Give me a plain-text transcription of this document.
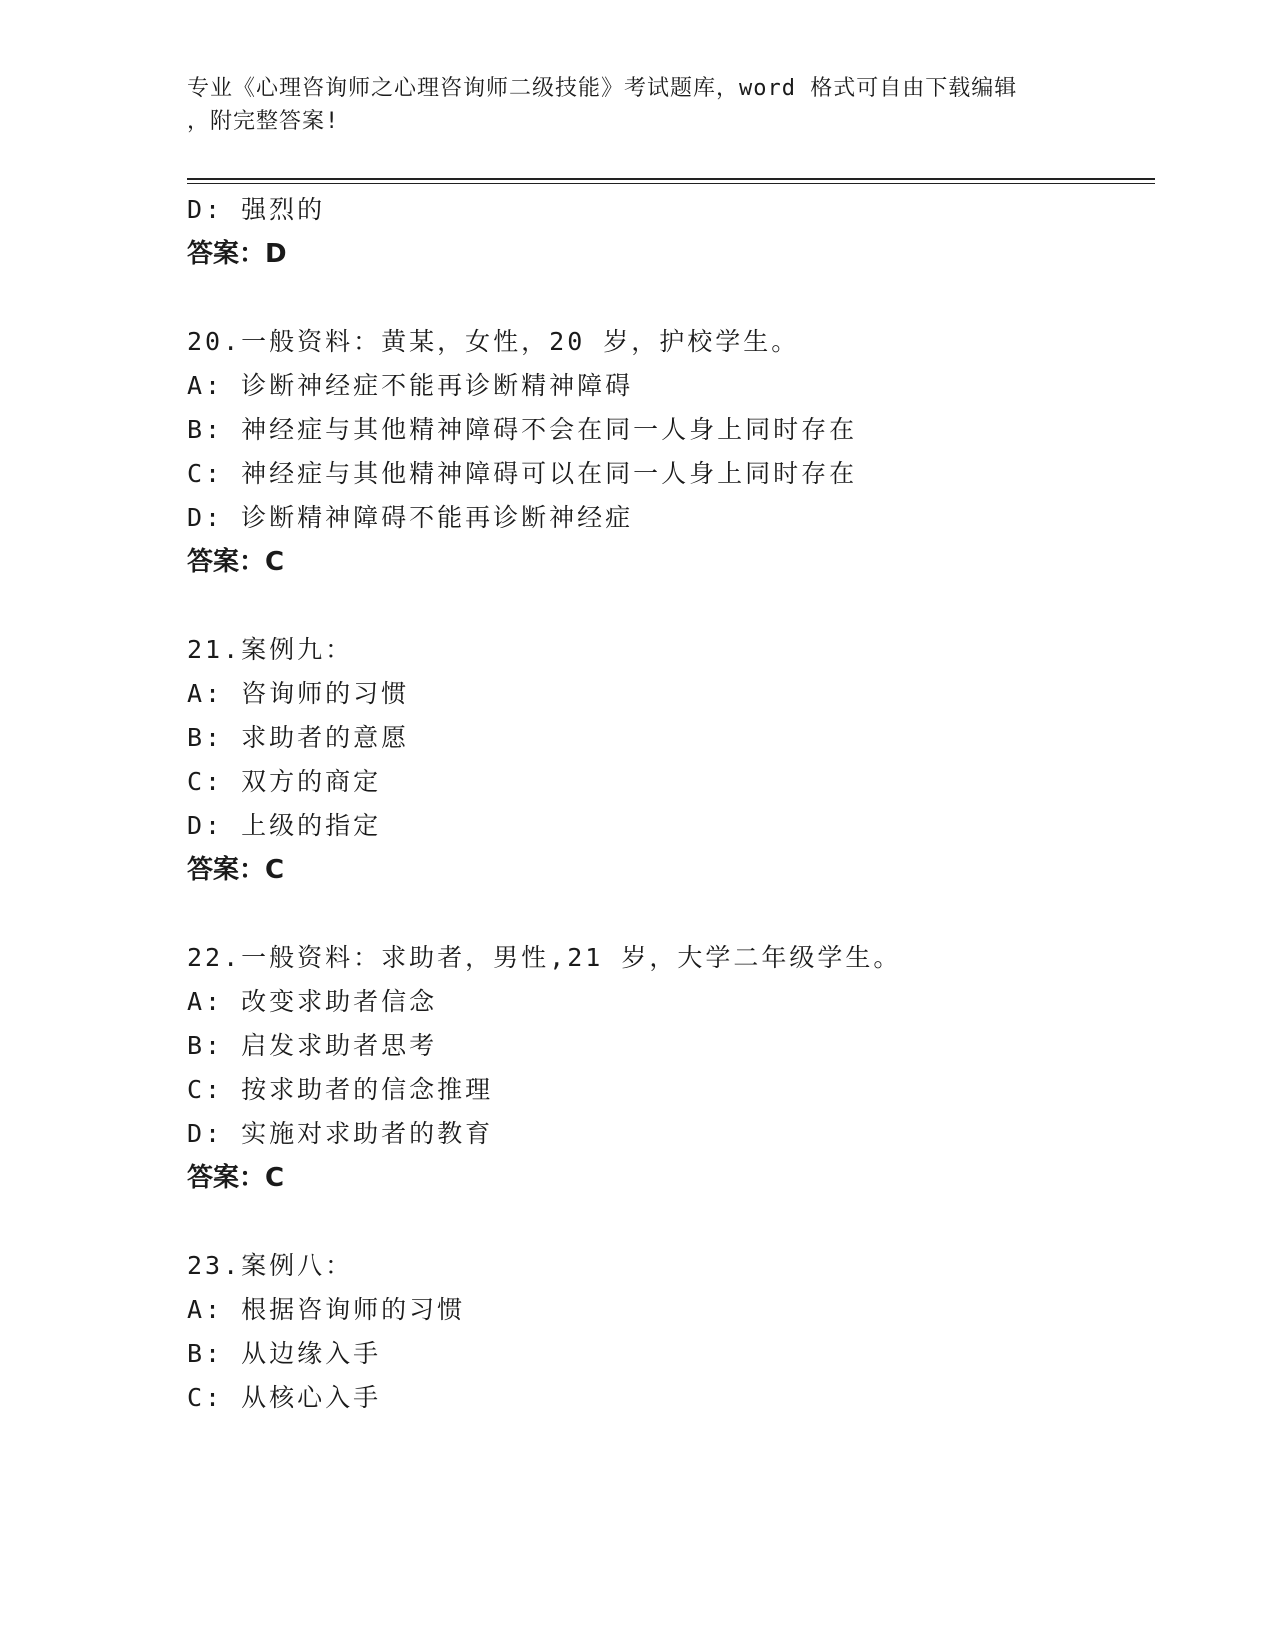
专业《心理咨询师之心理咨询师二级技能》考试题库，word 格式可自由下载编辑
，附完整答案!
D: 强烈的
答案：D
20.一般资料：黄某，女性，20 岁，护校学生。
A: 诊断神经症不能再诊断精神障碍
B: 神经症与其他精神障碍不会在同一人身上同时存在
C: 神经症与其他精神障碍可以在同一人身上同时存在
D: 诊断精神障碍不能再诊断神经症
答案：C
21.案例九：
A: 咨询师的习惯
B: 求助者的意愿
C: 双方的商定
D: 上级的指定
答案：C
22.一般资料：求助者，男性,21 岁，大学二年级学生。
A: 改变求助者信念
B: 启发求助者思考
C: 按求助者的信念推理
D: 实施对求助者的教育
答案：C
23.案例八：
A: 根据咨询师的习惯
B: 从边缘入手
C: 从核心入手
